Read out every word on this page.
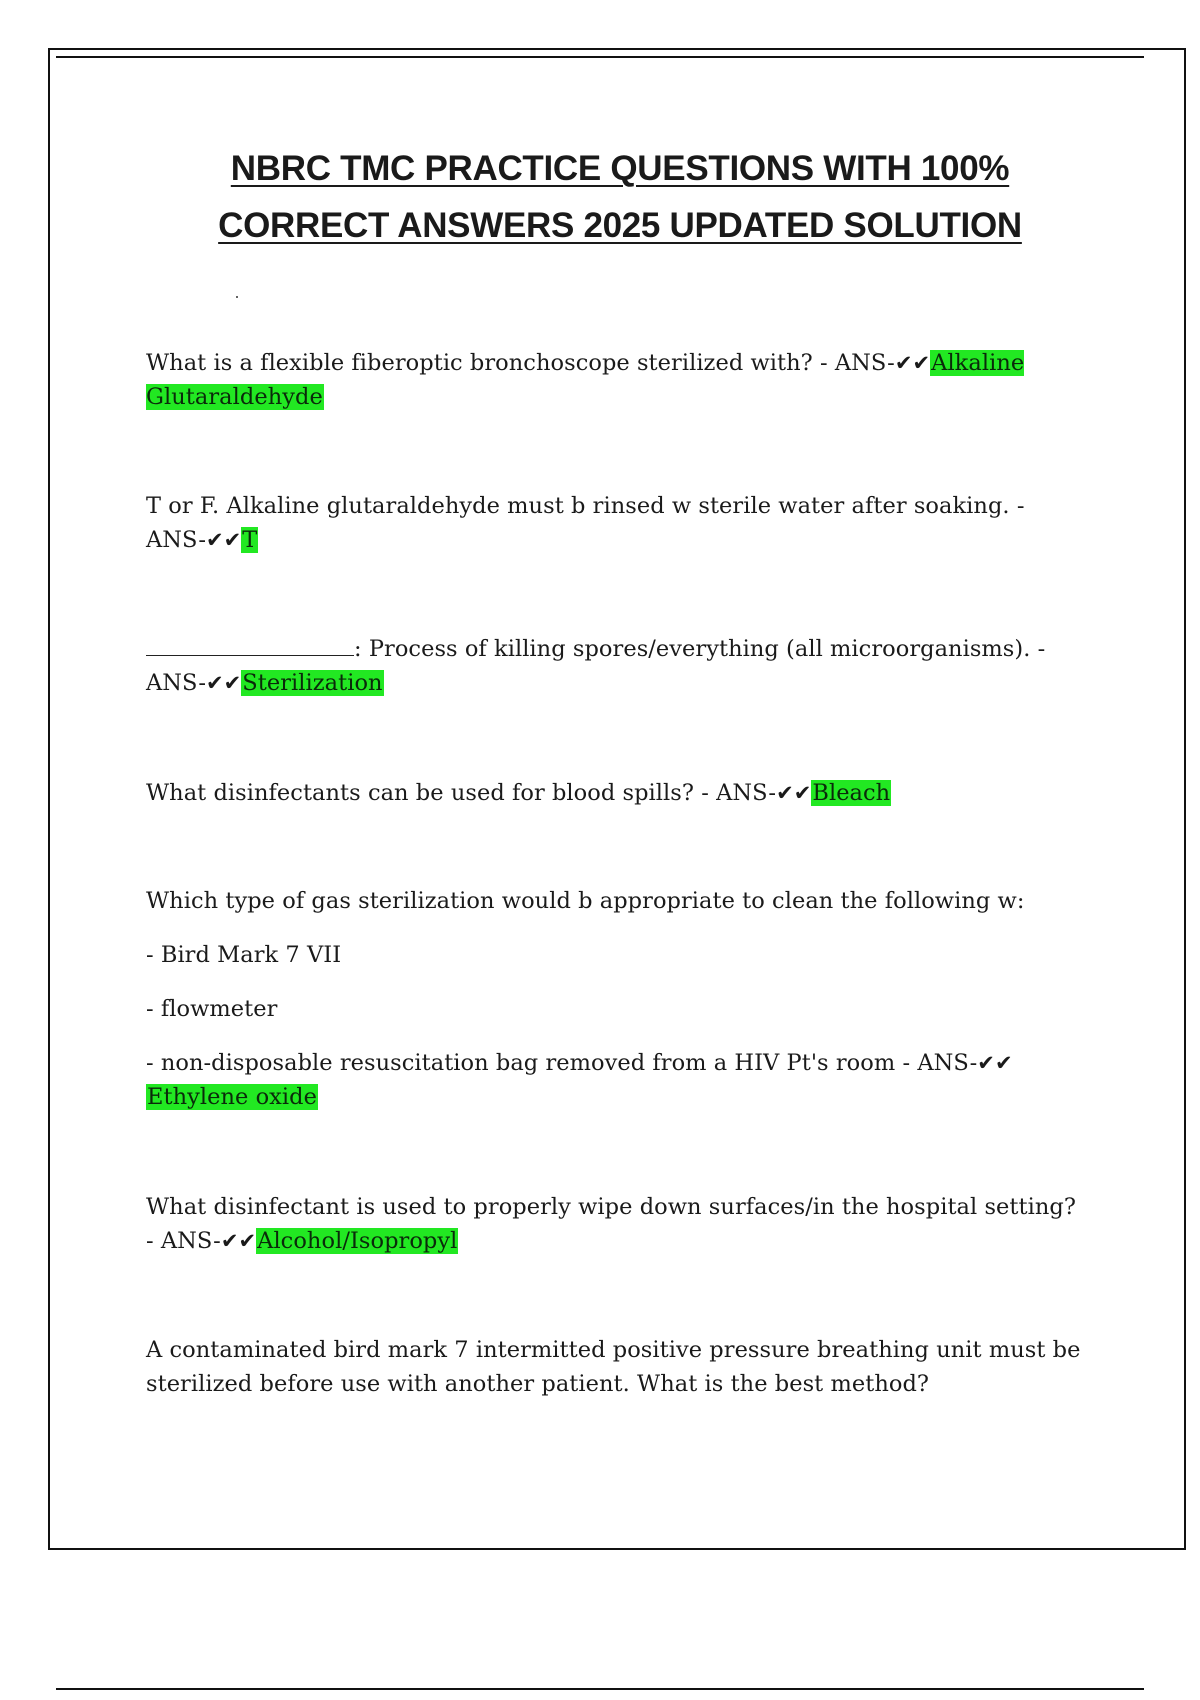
NBRC TMC PRACTICE QUESTIONS WITH 100%
CORRECT ANSWERS 2025 UPDATED SOLUTION

What is a flexible fiberoptic bronchoscope sterilized with? - ANS-✔✔Alkaline Glutaraldehyde

T or F. Alkaline glutaraldehyde must b rinsed w sterile water after soaking. -
ANS-✔✔T

: Process of killing spores/everything (all microorganisms). -
ANS-✔✔Sterilization

What disinfectants can be used for blood spills? - ANS-✔✔Bleach

Which type of gas sterilization would b appropriate to clean the following w:

- Bird Mark 7 VII

- flowmeter

- non-disposable resuscitation bag removed from a HIV Pt's room - ANS-✔✔
Ethylene oxide

What disinfectant is used to properly wipe down surfaces/in the hospital setting?
- ANS-✔✔Alcohol/Isopropyl

A contaminated bird mark 7 intermitted positive pressure breathing unit must be sterilized before use with another patient. What is the best method?
